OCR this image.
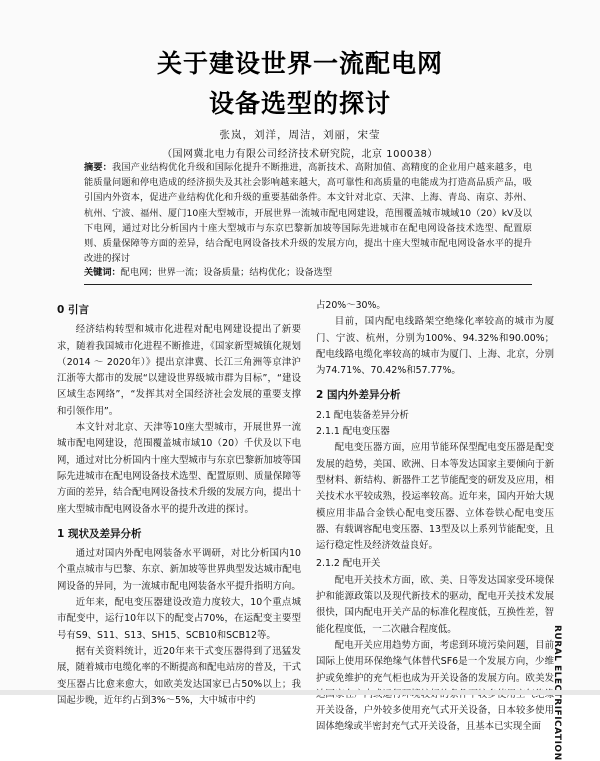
关于建设世界一流配电网
设备选型的探讨
张岚，刘洋，周洁，刘丽，宋莹
（国网冀北电力有限公司经济技术研究院，北京 100038）
摘要：我国产业结构优化升级和国际化提升不断推进，高新技术、高附加值、高精度的企业用户越来越多，电能质量问题和停电造成的经济损失及其社会影响越来越大，高可靠性和高质量的电能成为打造高品质产品，吸引国内外资本，促进产业结构优化和升级的重要基础条件。本文针对北京、天津、上海、青岛、南京、苏州、杭州、宁波、福州、厦门10座大型城市，开展世界一流城市配电网建设，范围覆盖城市城域10（20）kV及以下电网，通过对比分析国内十座大型城市与东京巴黎新加坡等国际先进城市在配电网设备技术选型、配置原则、质量保障等方面的差异，结合配电网设备技术升级的发展方向，提出十座大型城市配电网设备水平的提升改进的探讨
关键词：配电网；世界一流；设备质量；结构优化；设备选型
0 引言

经济结构转型和城市化进程对配电网建设提出了新要求，随着我国城市化进程不断推进，《国家新型城镇化规划（2014 ～ 2020年）》提出京津冀、长江三角洲等京津沪江浙等大都市的发展“以建设世界级城市群为目标”，“建设区域生态网络”，“发挥其对全国经济社会发展的重要支撑和引领作用”。

本文针对北京、天津等10座大型城市，开展世界一流城市配电网建设，范围覆盖城市域10（20）千伏及以下电网，通过对比分析国内十座大型城市与东京巴黎新加坡等国际先进城市在配电网设备技术选型、配置原则、质量保障等方面的差异，结合配电网设备技术升级的发展方向，提出十座大型城市配电网设备水平的提升改进的探讨。

1 现状及差异分析

通过对国内外配电网装备水平调研，对比分析国内10个重点城市与巴黎、东京、新加坡等世界典型发达城市配电网设备的异同，为一流城市配电网装备水平提升指明方向。

近年来，配电变压器建设改造力度较大，10个重点城市配变中，运行10年以下的配变占70%，在运配变主要型号有S9、S11、S13、SH15、SCB10和SCB12等。

据有关资料统计，近20年来干式变压器得到了迅猛发展，随着城市电缆化率的不断提高和配电站房的普及，干式变压器占比愈来愈大，如欧美发达国家已占50%以上；我国起步晚，近年约占到3%～5%，大中城市中约

占20%～30%。

目前，国内配电线路架空绝缘化率较高的城市为厦门、宁波、杭州，分别为100%、94.32%和90.00%；配电线路电缆化率较高的城市为厦门、上海、北京，分别为74.71%、70.42%和57.77%。

2 国内外差异分析
2.1 配电装备差异分析
2.1.1 配电变压器

配电变压器方面，应用节能环保型配电变压器是配变发展的趋势，美国、欧洲、日本等发达国家主要倾向于新型材料、新结构、新器件工艺节能配变的研发及应用，相关技术水平较成熟，投运率较高。近年来，国内开始大规模应用非晶合金铁心配电变压器、立体卷铁心配电变压器、有载调容配电变压器、13型及以上系列节能配变，且运行稳定性及经济效益良好。

2.1.2 配电开关

配电开关技术方面，欧、美、日等发达国家受环境保护和能源政策以及现代新技术的驱动，配电开关技术发展很快，国内配电开关产品的标准化程度低，互换性差，智能化程度低，一二次融合程度低。

配电开关应用趋势方面，考虑到环境污染问题，目前国际上使用环保绝缘气体替代SF6是一个发展方向，少维护或免维护的充气柜也成为开关设备的发展方向。欧美发 开关设备，户外较多使用充气式开关设备，日本较多使用固体绝缘或半密封充气式开关设备，且基本已实现全面
